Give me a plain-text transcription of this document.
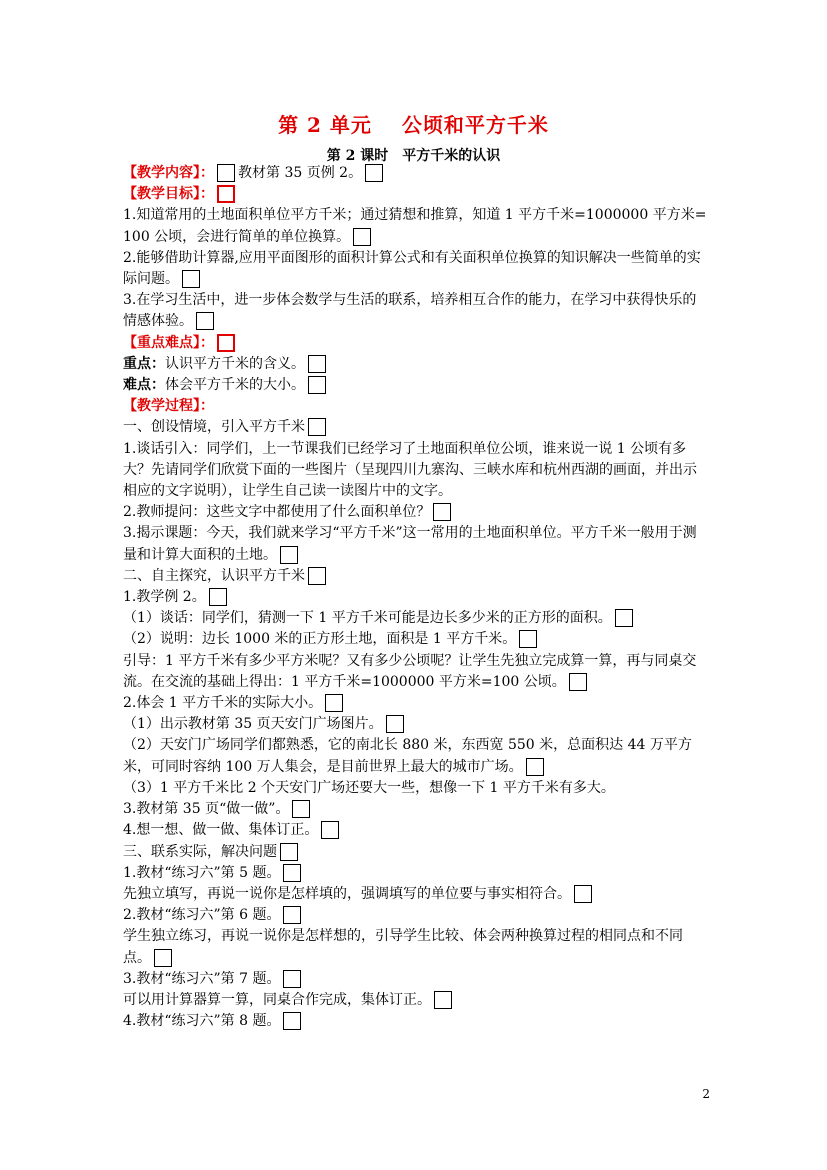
第 2 单元 公顷和平方千米
第 2 课时 平方千米的认识

【教学内容】： 教材第 35 页例 2。

【教学目标】：

1.知道常用的土地面积单位平方千米；通过猜想和推算，知道 1 平方千米=1000000 平方米=100 公顷，会进行简单的单位换算。

2.能够借助计算器,应用平面图形的面积计算公式和有关面积单位换算的知识解决一些简单的实际问题。

3.在学习生活中，进一步体会数学与生活的联系，培养相互合作的能力，在学习中获得快乐的情感体验。

【重点难点】：

重点：认识平方千米的含义。

难点：体会平方千米的大小。

【教学过程】：

一、创设情境，引入平方千米

1.谈话引入：同学们，上一节课我们已经学习了土地面积单位公顷，谁来说一说 1 公顷有多大？先请同学们欣赏下面的一些图片（呈现四川九寨沟、三峡水库和杭州西湖的画面，并出示相应的文字说明），让学生自己读一读图片中的文字。

2.教师提问：这些文字中都使用了什么面积单位？

3.揭示课题：今天，我们就来学习“平方千米”这一常用的土地面积单位。平方千米一般用于测量和计算大面积的土地。

二、自主探究，认识平方千米

1.教学例 2。

（1）谈话：同学们，猜测一下 1 平方千米可能是边长多少米的正方形的面积。

（2）说明：边长 1000 米的正方形土地，面积是 1 平方千米。

引导：1 平方千米有多少平方米呢？又有多少公顷呢？让学生先独立完成算一算，再与同桌交流。在交流的基础上得出：1 平方千米=1000000 平方米=100 公顷。

2.体会 1 平方千米的实际大小。

（1）出示教材第 35 页天安门广场图片。

（2）天安门广场同学们都熟悉，它的南北长 880 米，东西宽 550 米，总面积达 44 万平方米，可同时容纳 100 万人集会，是目前世界上最大的城市广场。

（3）1 平方千米比 2 个天安门广场还要大一些，想像一下 1 平方千米有多大。

3.教材第 35 页“做一做”。

4.想一想、做一做、集体订正。

三、联系实际，解决问题

1.教材“练习六”第 5 题。

先独立填写，再说一说你是怎样填的，强调填写的单位要与事实相符合。

2.教材“练习六”第 6 题。

学生独立练习，再说一说你是怎样想的，引导学生比较、体会两种换算过程的相同点和不同点。

3.教材“练习六”第 7 题。

可以用计算器算一算，同桌合作完成，集体订正。

4.教材“练习六”第 8 题。

2
